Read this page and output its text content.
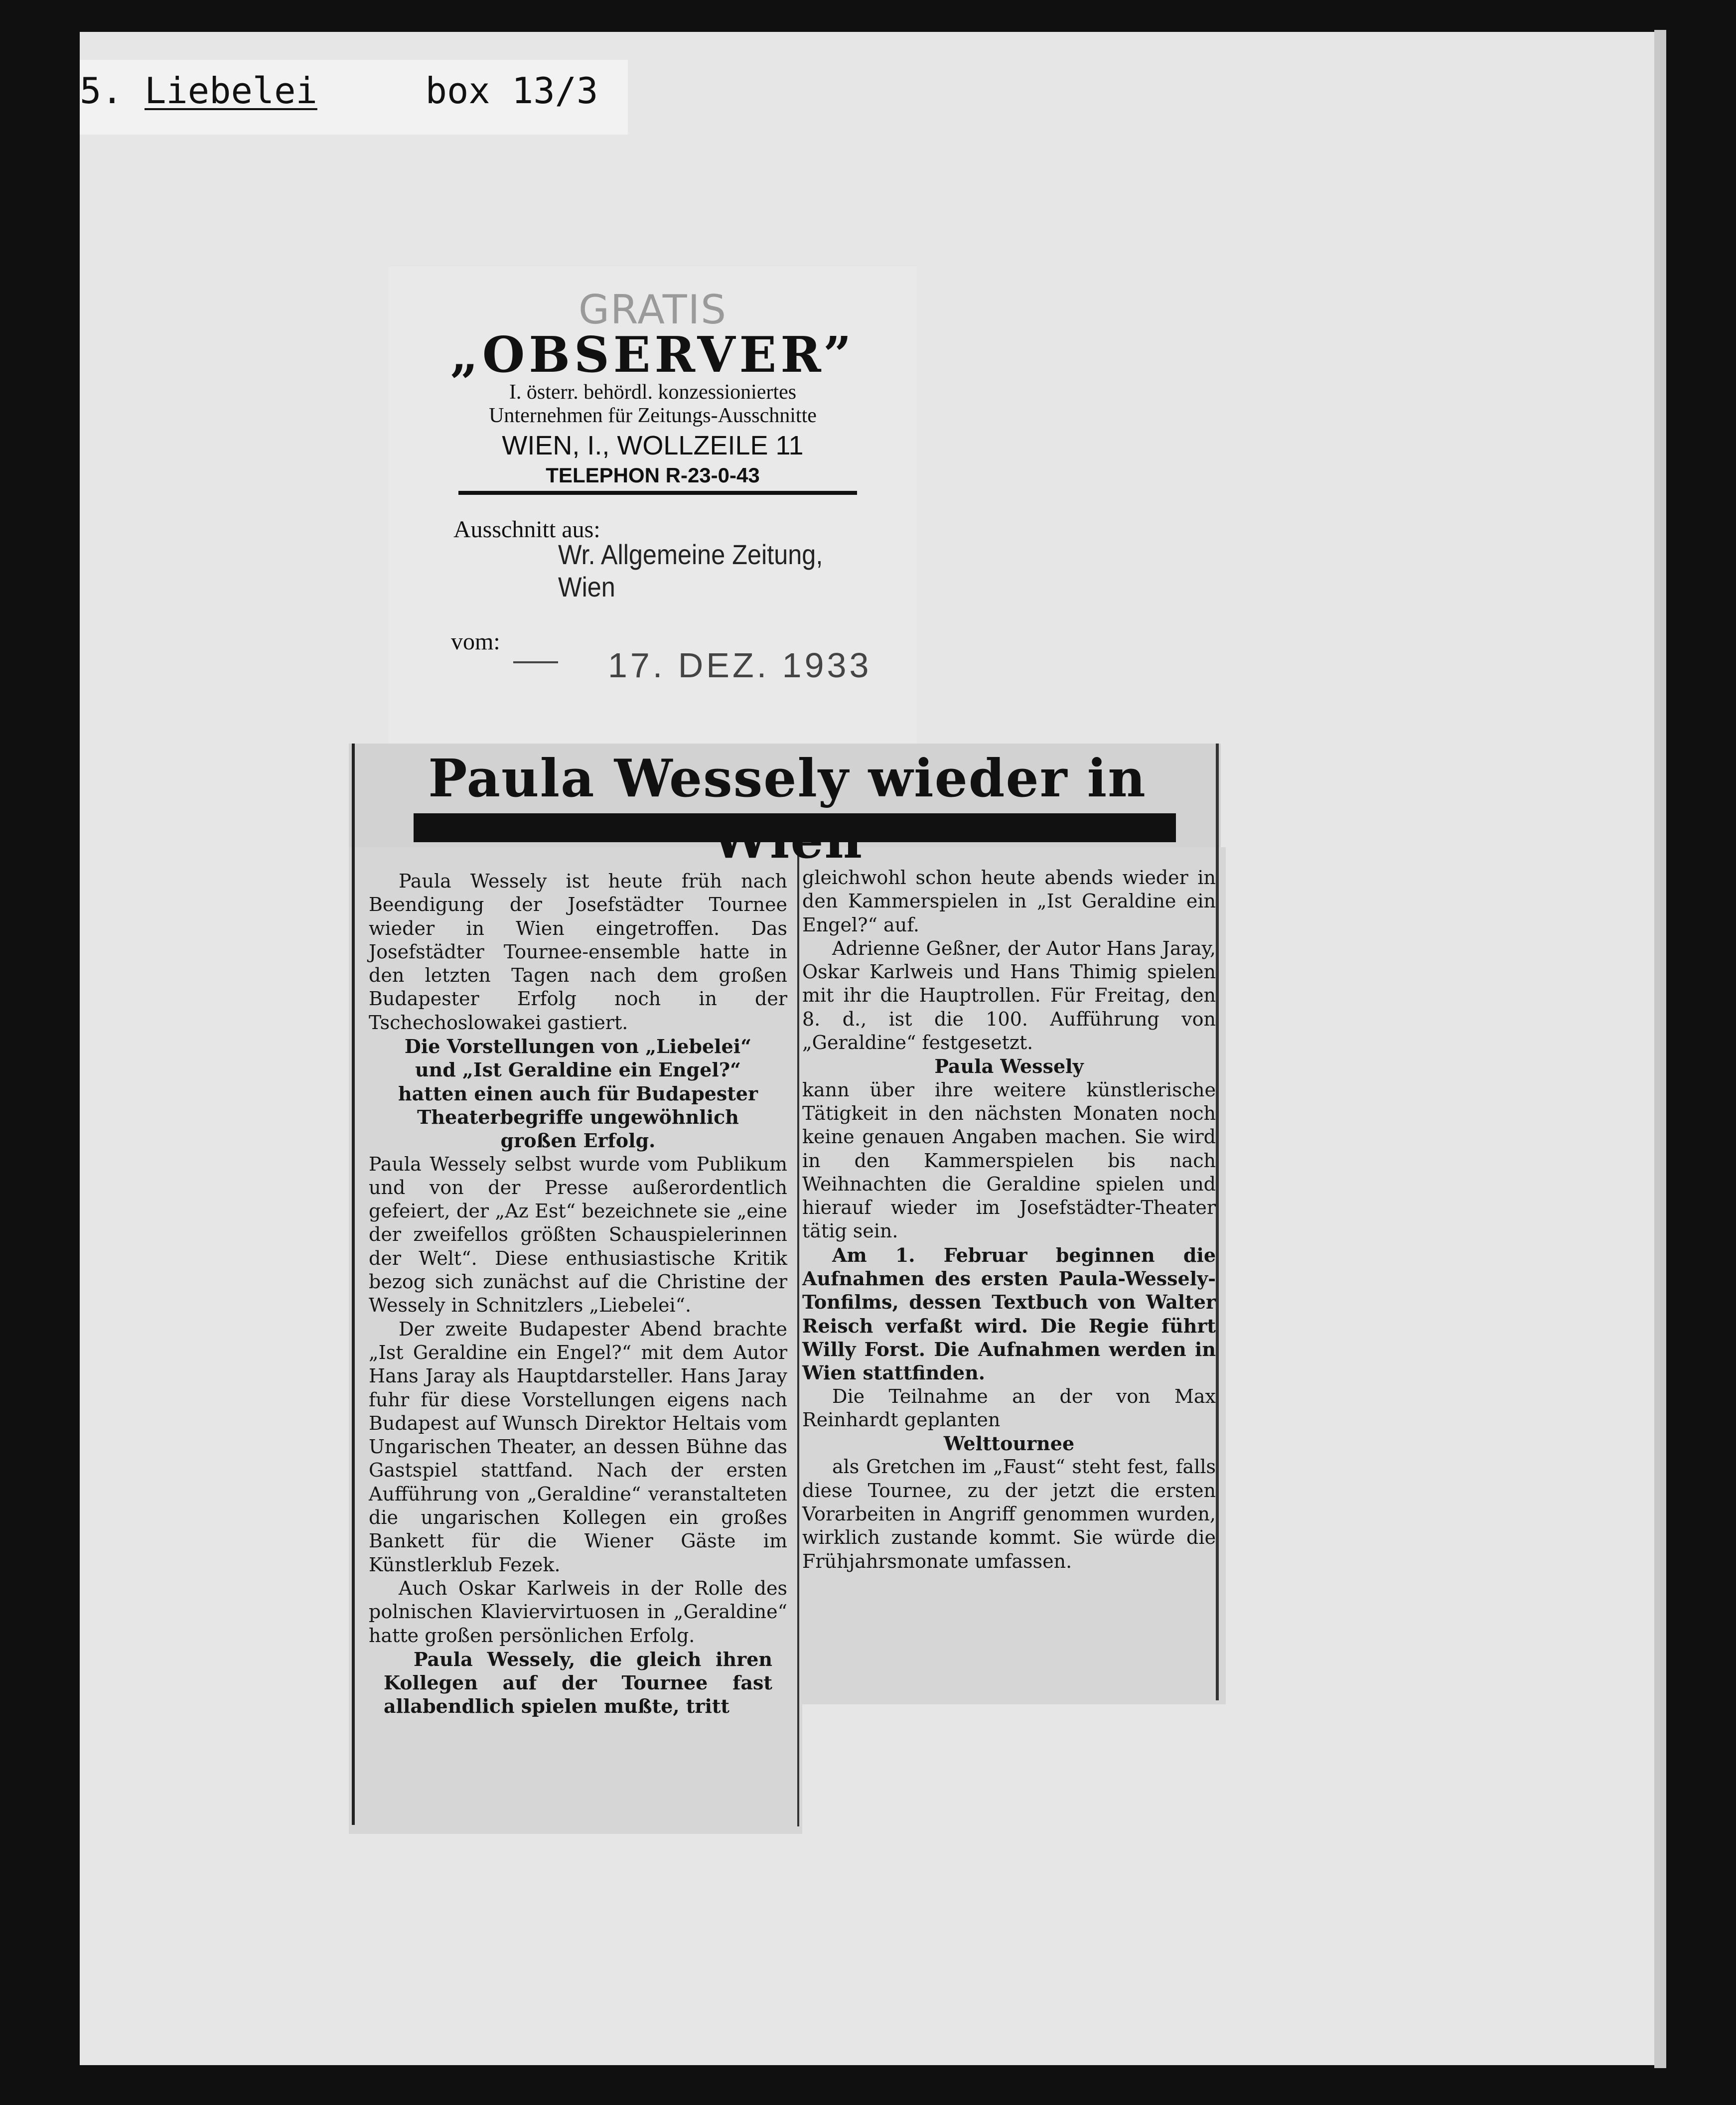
5. Liebelei	box 13/3
GRATIS
„OBSERVER”
I. österr. behördl. konzessioniertes
Unternehmen für Zeitungs-Ausschnitte
WIEN, I., WOLLZEILE 11
TELEPHON R-23-0-43
Ausschnitt aus:
Wr. Allgemeine Zeitung, Wien
vom:
17. DEZ. 1933
Paula Wessely wieder in

Paula Wessely ist heute früh nach Beendigung der Josefstädter Tournee wieder in Wien eingetroffen. Das Josefstädter Tournee-ensemble hatte in den letzten Tagen nach dem großen Budapester Erfolg noch in der Tschechoslowakei gastiert.

Die Vorstellungen von „Liebelei“ und „Ist Geraldine ein Engel?“ hatten einen auch für Budapester Theaterbegriffe ungewöhnlich großen Erfolg.

Paula Wessely selbst wurde vom Publikum und von der Presse außerordentlich gefeiert, der „Az Est“ bezeichnete sie „eine der zweifellos größten Schauspielerinnen der Welt“. Diese enthusiastische Kritik bezog sich zunächst auf die Christine der Wessely in Schnitzlers „Liebelei“.

Der zweite Budapester Abend brachte „Ist Geraldine ein Engel?“ mit dem Autor Hans Jaray als Hauptdarsteller. Hans Jaray fuhr für diese Vorstellungen eigens nach Budapest auf Wunsch Direktor Heltais vom Ungarischen Theater, an dessen Bühne das Gastspiel stattfand. Nach der ersten Aufführung von „Geraldine“ veranstalteten die ungarischen Kollegen ein großes Bankett für die Wiener Gäste im Künstlerklub Fezek.

Auch Oskar Karlweis in der Rolle des polnischen Klaviervirtuosen in „Geraldine“ hatte großen persönlichen Erfolg.

Paula Wessely, die gleich ihren Kollegen auf der Tournee fast allabendlich spielen mußte, tritt

gleichwohl schon heute abends wieder in den Kammerspielen in „Ist Geraldine ein Engel?“ auf.

Adrienne Geßner, der Autor Hans Jaray, Oskar Karlweis und Hans Thimig spielen mit ihr die Hauptrollen. Für Freitag, den 8. d., ist die 100. Aufführung von „Geraldine“ festgesetzt.

Paula Wessely

kann über ihre weitere künstlerische Tätigkeit in den nächsten Monaten noch keine genauen Angaben machen. Sie wird in den Kammerspielen bis nach Weihnachten die Geraldine spielen und hierauf wieder im Josefstädter-Theater tätig sein.

Am 1. Februar beginnen die Aufnahmen des ersten Paula-Wessely-Tonfilms, dessen Textbuch von Walter Reisch verfaßt wird. Die Regie führt Willy Forst. Die Aufnahmen werden in Wien stattfinden.

Die Teilnahme an der von Max Reinhardt geplanten

Welttournee

als Gretchen im „Faust“ steht fest, falls diese Tournee, zu der jetzt die ersten Vorarbeiten in Angriff genommen wurden, wirklich zustande kommt. Sie würde die Frühjahrsmonate umfassen.
